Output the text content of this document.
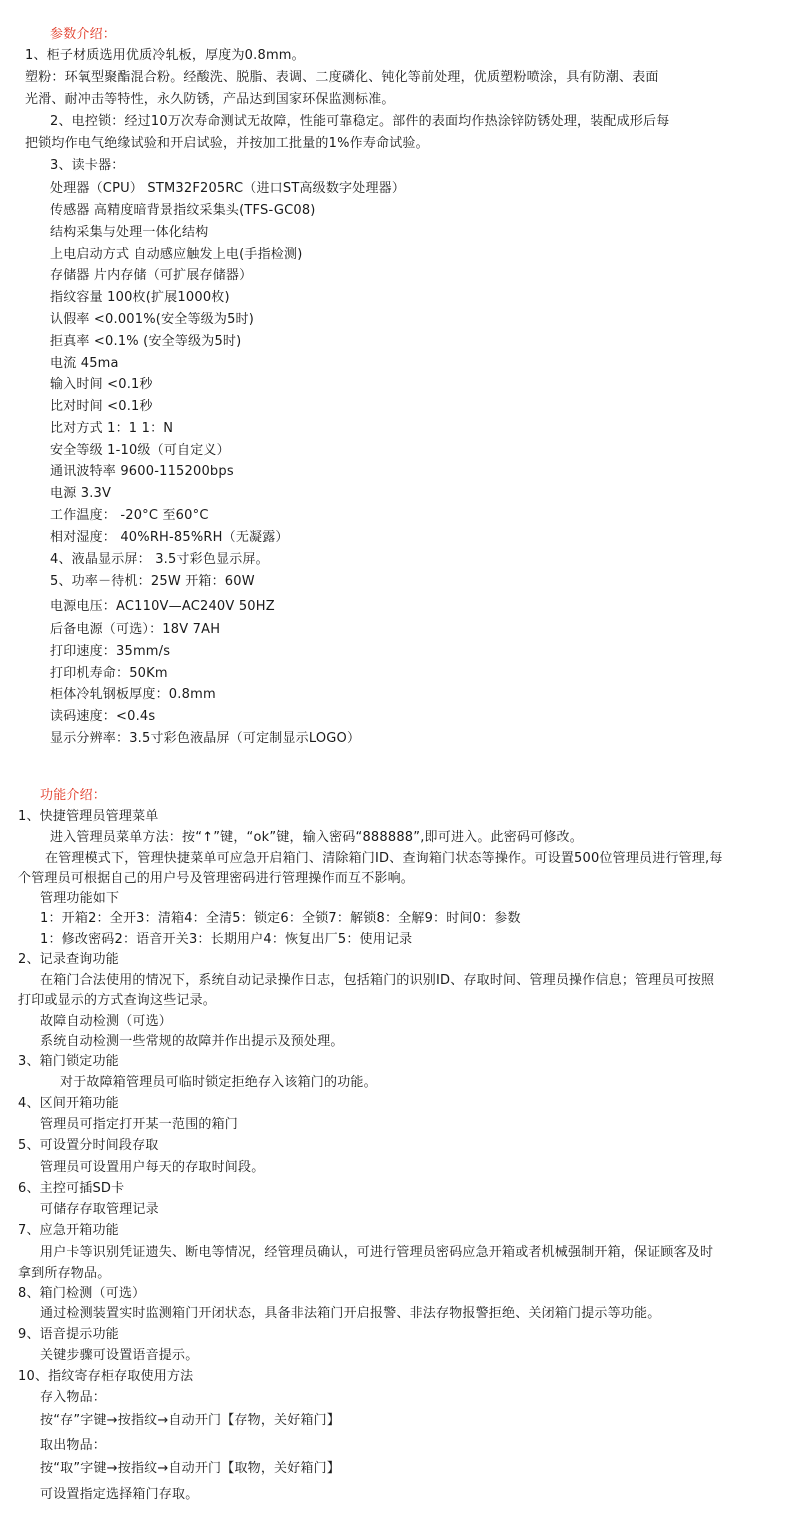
参数介绍：
1、柜子材质选用优质冷轧板，厚度为0.8mm。
塑粉：环氧型聚酯混合粉。经酸洗、脱脂、表调、二度磷化、钝化等前处理，优质塑粉喷涂，具有防潮、表面
光滑、耐冲击等特性，永久防锈，产品达到国家环保监测标准。
2、电控锁：经过10万次寿命测试无故障，性能可靠稳定。部件的表面均作热涂锌防锈处理，装配成形后每
把锁均作电气绝缘试验和开启试验，并按加工批量的1%作寿命试验。
3、读卡器：
处理器（CPU） STM32F205RC（进口ST高级数字处理器）
传感器 高精度暗背景指纹采集头(TFS-GC08)
结构采集与处理一体化结构
上电启动方式 自动感应触发上电(手指检测)
存储器 片内存储（可扩展存储器）
指纹容量 100枚(扩展1000枚)
认假率 <0.001%(安全等级为5时)
拒真率 <0.1% (安全等级为5时)
电流 45ma
输入时间 <0.1秒
比对时间 <0.1秒
比对方式 1：1 1：N
安全等级 1-10级（可自定义）
通讯波特率 9600-115200bps
电源 3.3V
工作温度： -20°C 至60°C
相对湿度： 40%RH-85%RH（无凝露）
4、液晶显示屏： 3.5寸彩色显示屏。
5、功率－待机：25W 开箱：60W
电源电压：AC110V—AC240V 50HZ
后备电源（可选）：18V 7AH
打印速度：35mm/s
打印机寿命：50Km
柜体冷轧钢板厚度：0.8mm
读码速度：<0.4s
显示分辨率：3.5寸彩色液晶屏（可定制显示LOGO）
功能介绍：
1、快捷管理员管理菜单
进入管理员菜单方法：按“↑”键，“ok”键，输入密码“888888”,即可进入。此密码可修改。
在管理模式下，管理快捷菜单可应急开启箱门、清除箱门ID、查询箱门状态等操作。可设置500位管理员进行管理,每
个管理员可根据自己的用户号及管理密码进行管理操作而互不影响。
管理功能如下
1：开箱2：全开3：清箱4：全清5：锁定6：全锁7：解锁8：全解9：时间0：参数
1：修改密码2：语音开关3：长期用户4：恢复出厂5：使用记录
2、记录查询功能
在箱门合法使用的情况下，系统自动记录操作日志，包括箱门的识别ID、存取时间、管理员操作信息；管理员可按照
打印或显示的方式查询这些记录。
故障自动检测（可选）
系统自动检测一些常规的故障并作出提示及预处理。
3、箱门锁定功能
对于故障箱管理员可临时锁定拒绝存入该箱门的功能。
4、区间开箱功能
管理员可指定打开某一范围的箱门
5、可设置分时间段存取
管理员可设置用户每天的存取时间段。
6、主控可插SD卡
可储存存取管理记录
7、应急开箱功能
用户卡等识别凭证遗失、断电等情况，经管理员确认，可进行管理员密码应急开箱或者机械强制开箱，保证顾客及时
拿到所存物品。
8、箱门检测（可选）
通过检测装置实时监测箱门开闭状态，具备非法箱门开启报警、非法存物报警拒绝、关闭箱门提示等功能。
9、语音提示功能
关键步骤可设置语音提示。
10、指纹寄存柜存取使用方法
存入物品：
按“存”字键→按指纹→自动开门【存物，关好箱门】
取出物品：
按“取”字键→按指纹→自动开门【取物，关好箱门】
可设置指定选择箱门存取。
